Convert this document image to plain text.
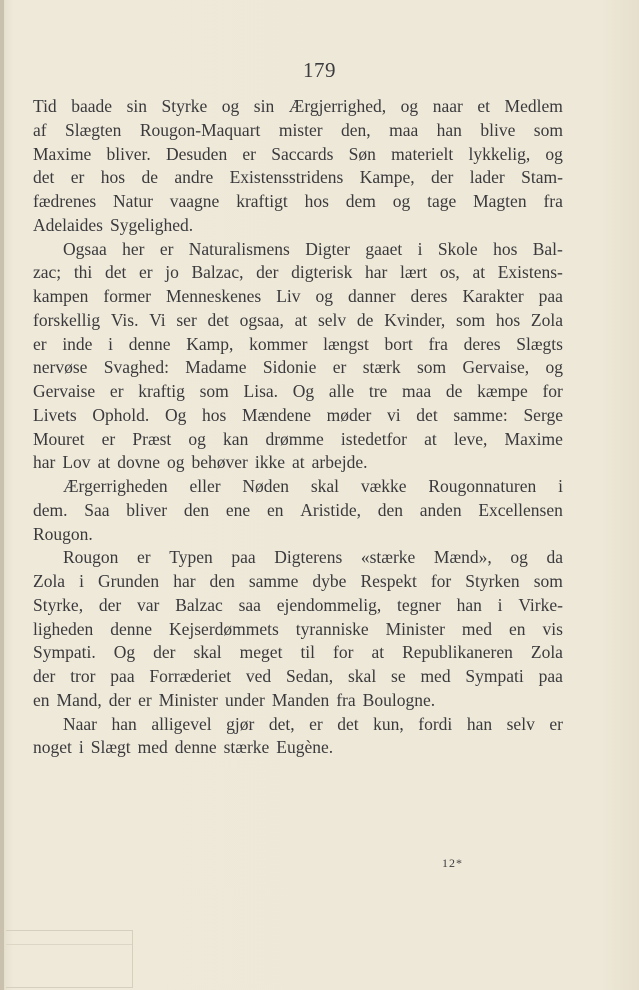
179
Tid baade sin Styrke og sin Ærgjerrighed, og naar et Medlem
af Slægten Rougon-Maquart mister den, maa han blive som
Maxime bliver. Desuden er Saccards Søn materielt lykkelig, og
det er hos de andre Existensstridens Kampe, der lader Stam-
fædrenes Natur vaagne kraftigt hos dem og tage Magten fra
Adelaides Sygelighed.
Ogsaa her er Naturalismens Digter gaaet i Skole hos Bal-
zac; thi det er jo Balzac, der digterisk har lært os, at Existens-
kampen former Menneskenes Liv og danner deres Karakter paa
forskellig Vis. Vi ser det ogsaa, at selv de Kvinder, som hos Zola
er inde i denne Kamp, kommer længst bort fra deres Slægts
nervøse Svaghed: Madame Sidonie er stærk som Gervaise, og
Gervaise er kraftig som Lisa. Og alle tre maa de kæmpe for
Livets Ophold. Og hos Mændene møder vi det samme: Serge
Mouret er Præst og kan drømme istedetfor at leve, Maxime
har Lov at dovne og behøver ikke at arbejde.
Ærgerrigheden eller Nøden skal vække Rougonnaturen i
dem. Saa bliver den ene en Aristide, den anden Excellensen
Rougon.
Rougon er Typen paa Digterens «stærke Mænd», og da
Zola i Grunden har den samme dybe Respekt for Styrken som
Styrke, der var Balzac saa ejendommelig, tegner han i Virke-
ligheden denne Kejserdømmets tyranniske Minister med en vis
Sympati. Og der skal meget til for at Republikaneren Zola
der tror paa Forræderiet ved Sedan, skal se med Sympati paa
en Mand, der er Minister under Manden fra Boulogne.
Naar han alligevel gjør det, er det kun, fordi han selv er
noget i Slægt med denne stærke Eugène.
12*
